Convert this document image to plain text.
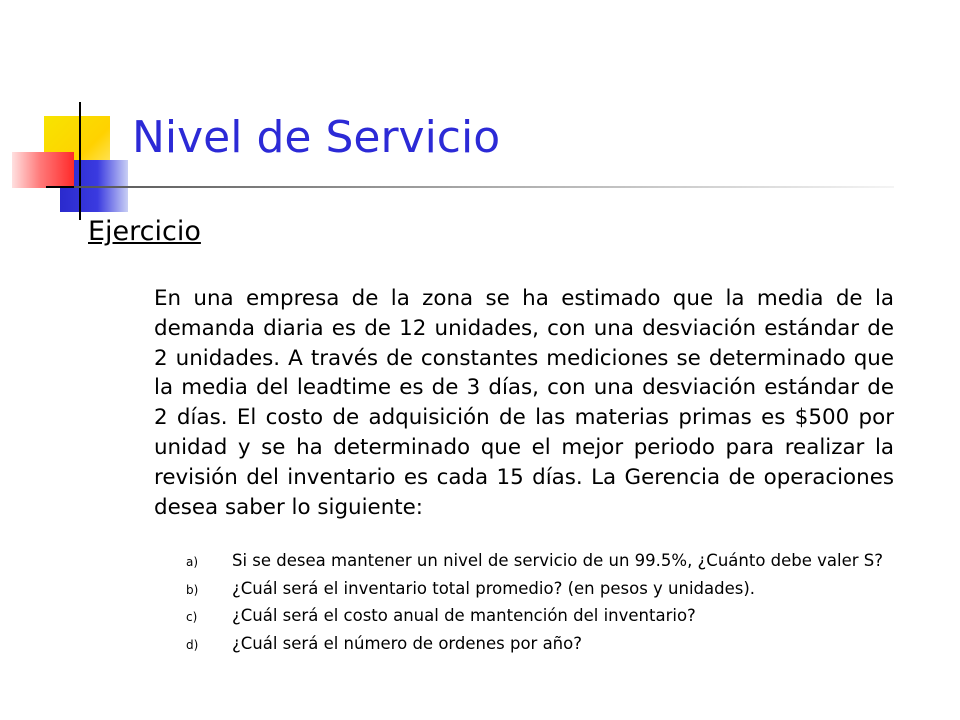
Nivel de Servicio
Ejercicio
En una empresa de la zona se ha estimado que la media de la demanda diaria es de 12 unidades, con una desviación estándar de 2 unidades. A través de constantes mediciones se determinado que la media del leadtime es de 3 días, con una desviación estándar de 2 días. El costo de adquisición de las materias primas es $500 por unidad y se ha determinado que el mejor periodo para realizar la revisión del inventario es cada 15 días. La Gerencia de operaciones desea saber lo siguiente:
a) Si se desea mantener un nivel de servicio de un 99.5%, ¿Cuánto debe valer S?
b) ¿Cuál será el inventario total promedio? (en pesos y unidades).
c) ¿Cuál será el costo anual de mantención del inventario?
d) ¿Cuál será el número de ordenes por año?
